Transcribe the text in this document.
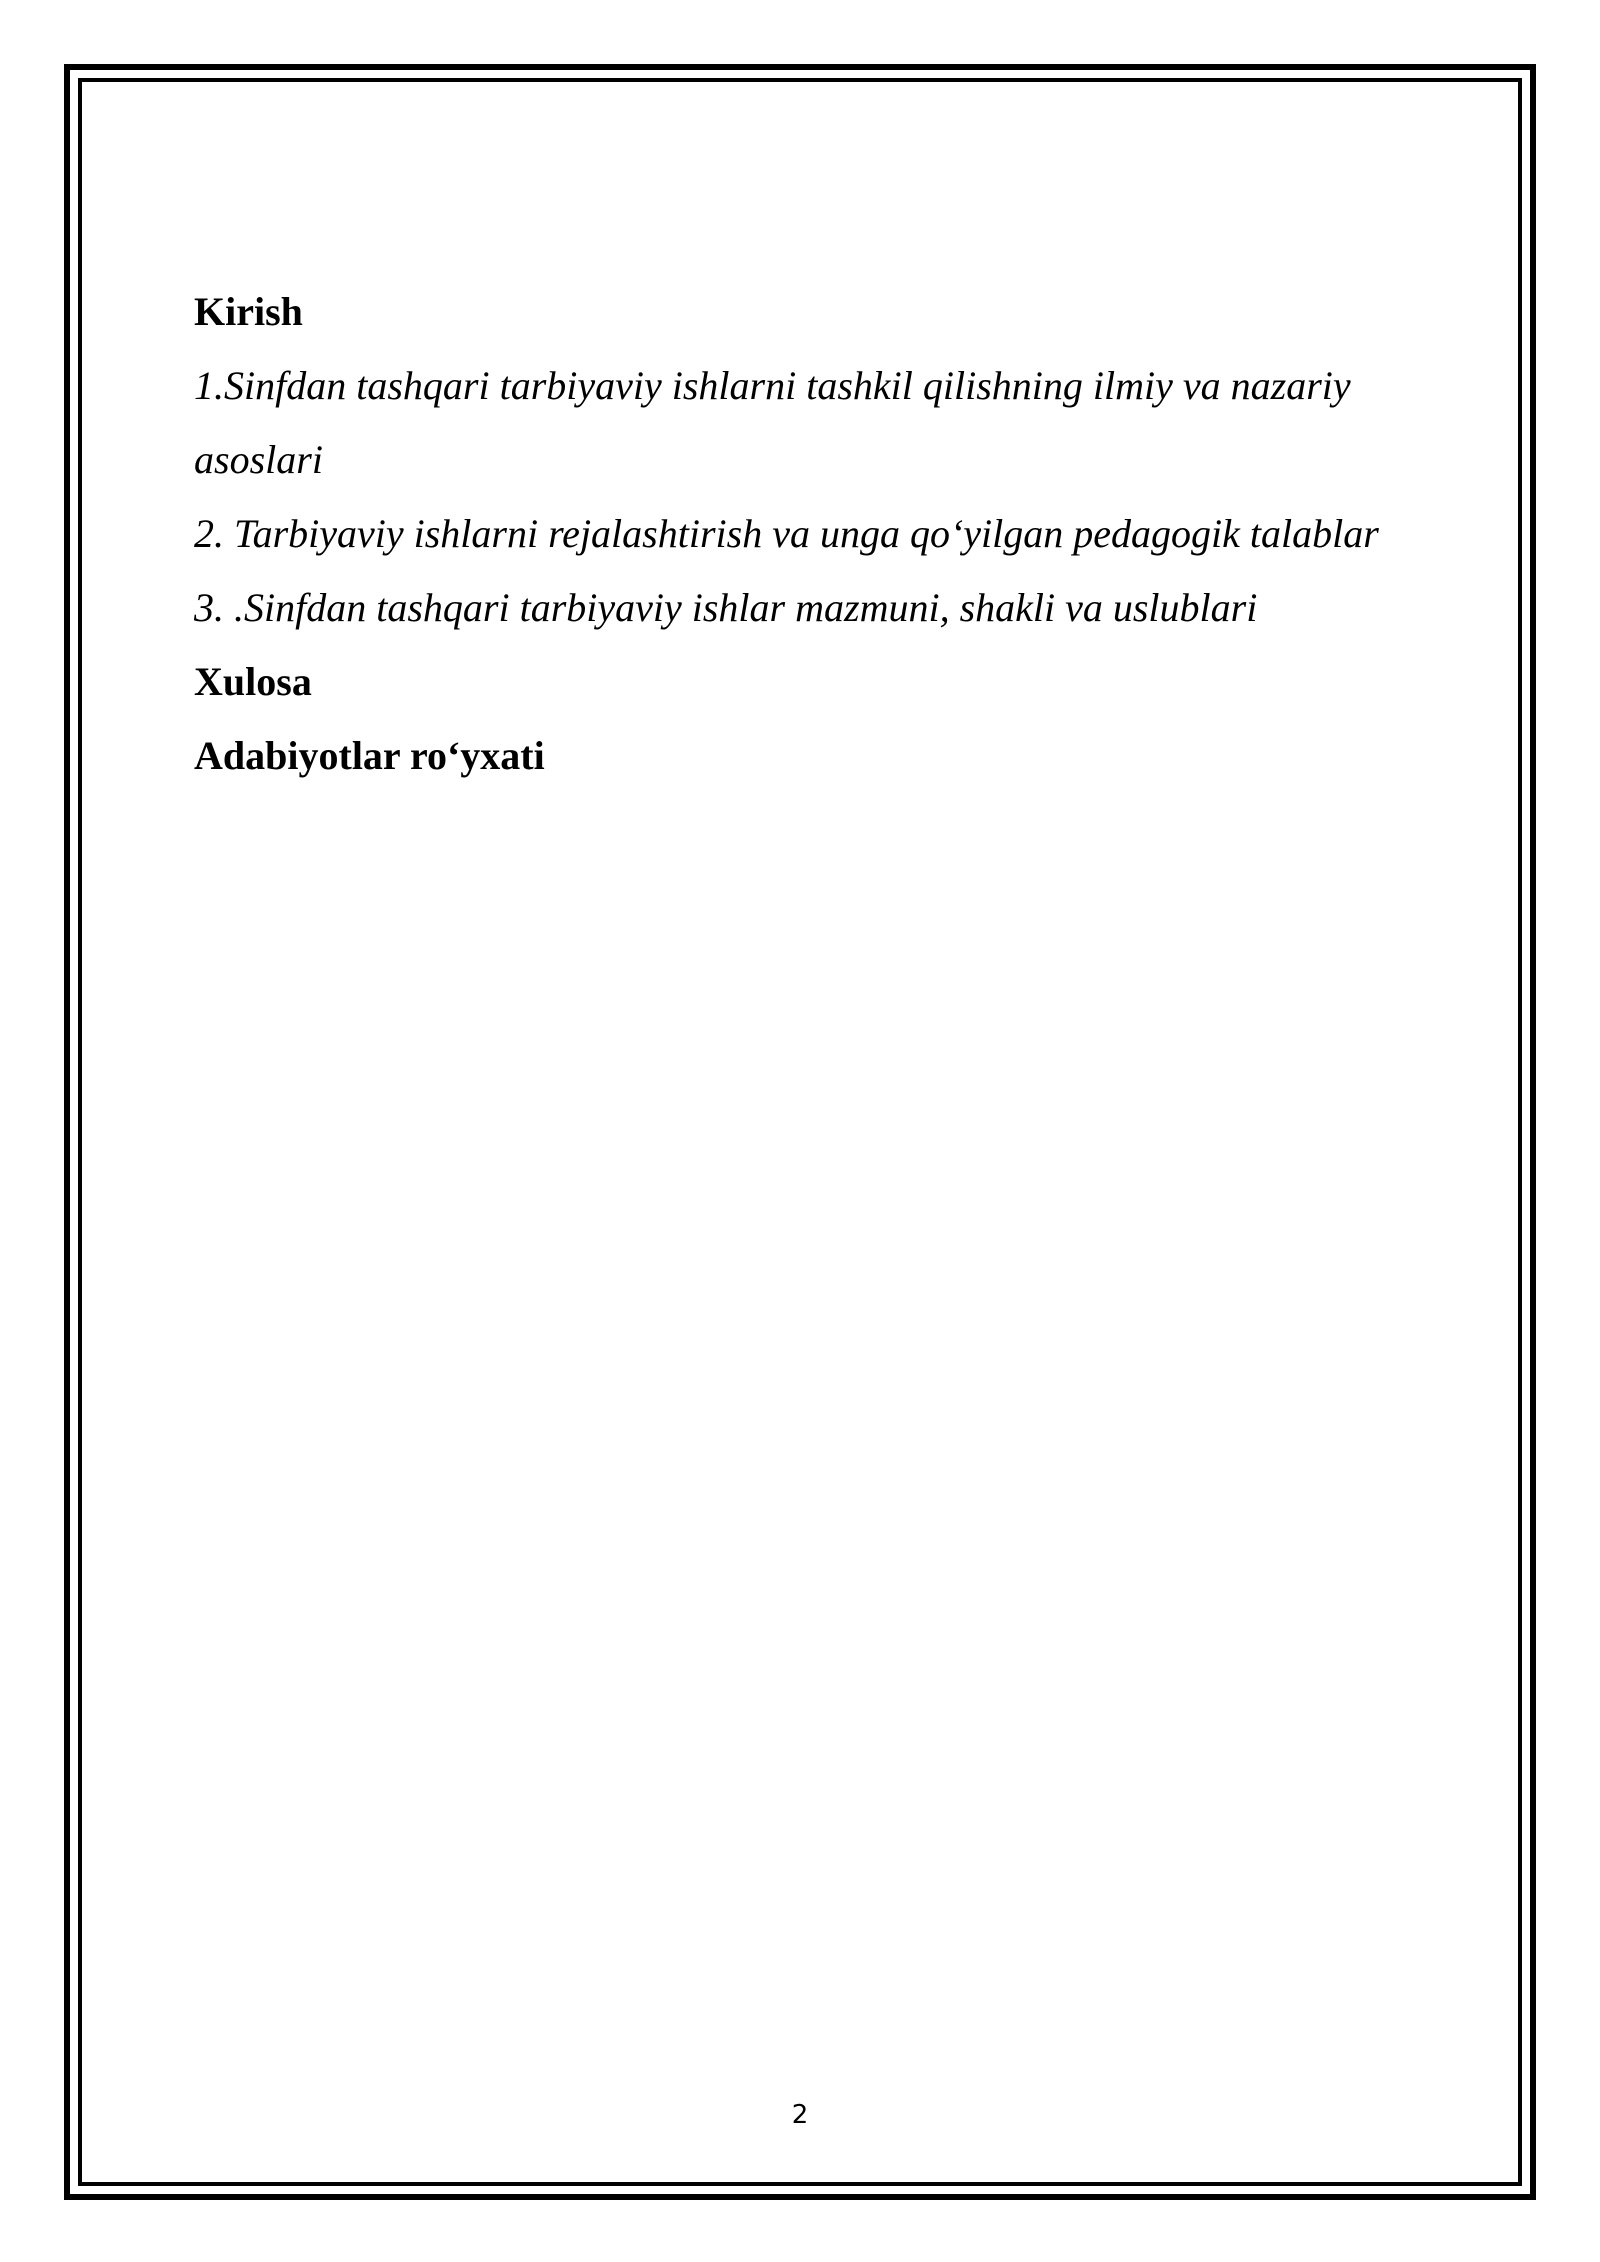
Kirish
1.Sinfdan tashqari tarbiyaviy ishlarni tashkil qilishning ilmiy va nazariy
asoslari
2. Tarbiyaviy ishlarni rejalashtirish va unga qo‘yilgan pedagogik talablar
3. .Sinfdan tashqari tarbiyaviy ishlar mazmuni, shakli va uslublari
Xulosa
Adabiyotlar ro‘yxati
2
